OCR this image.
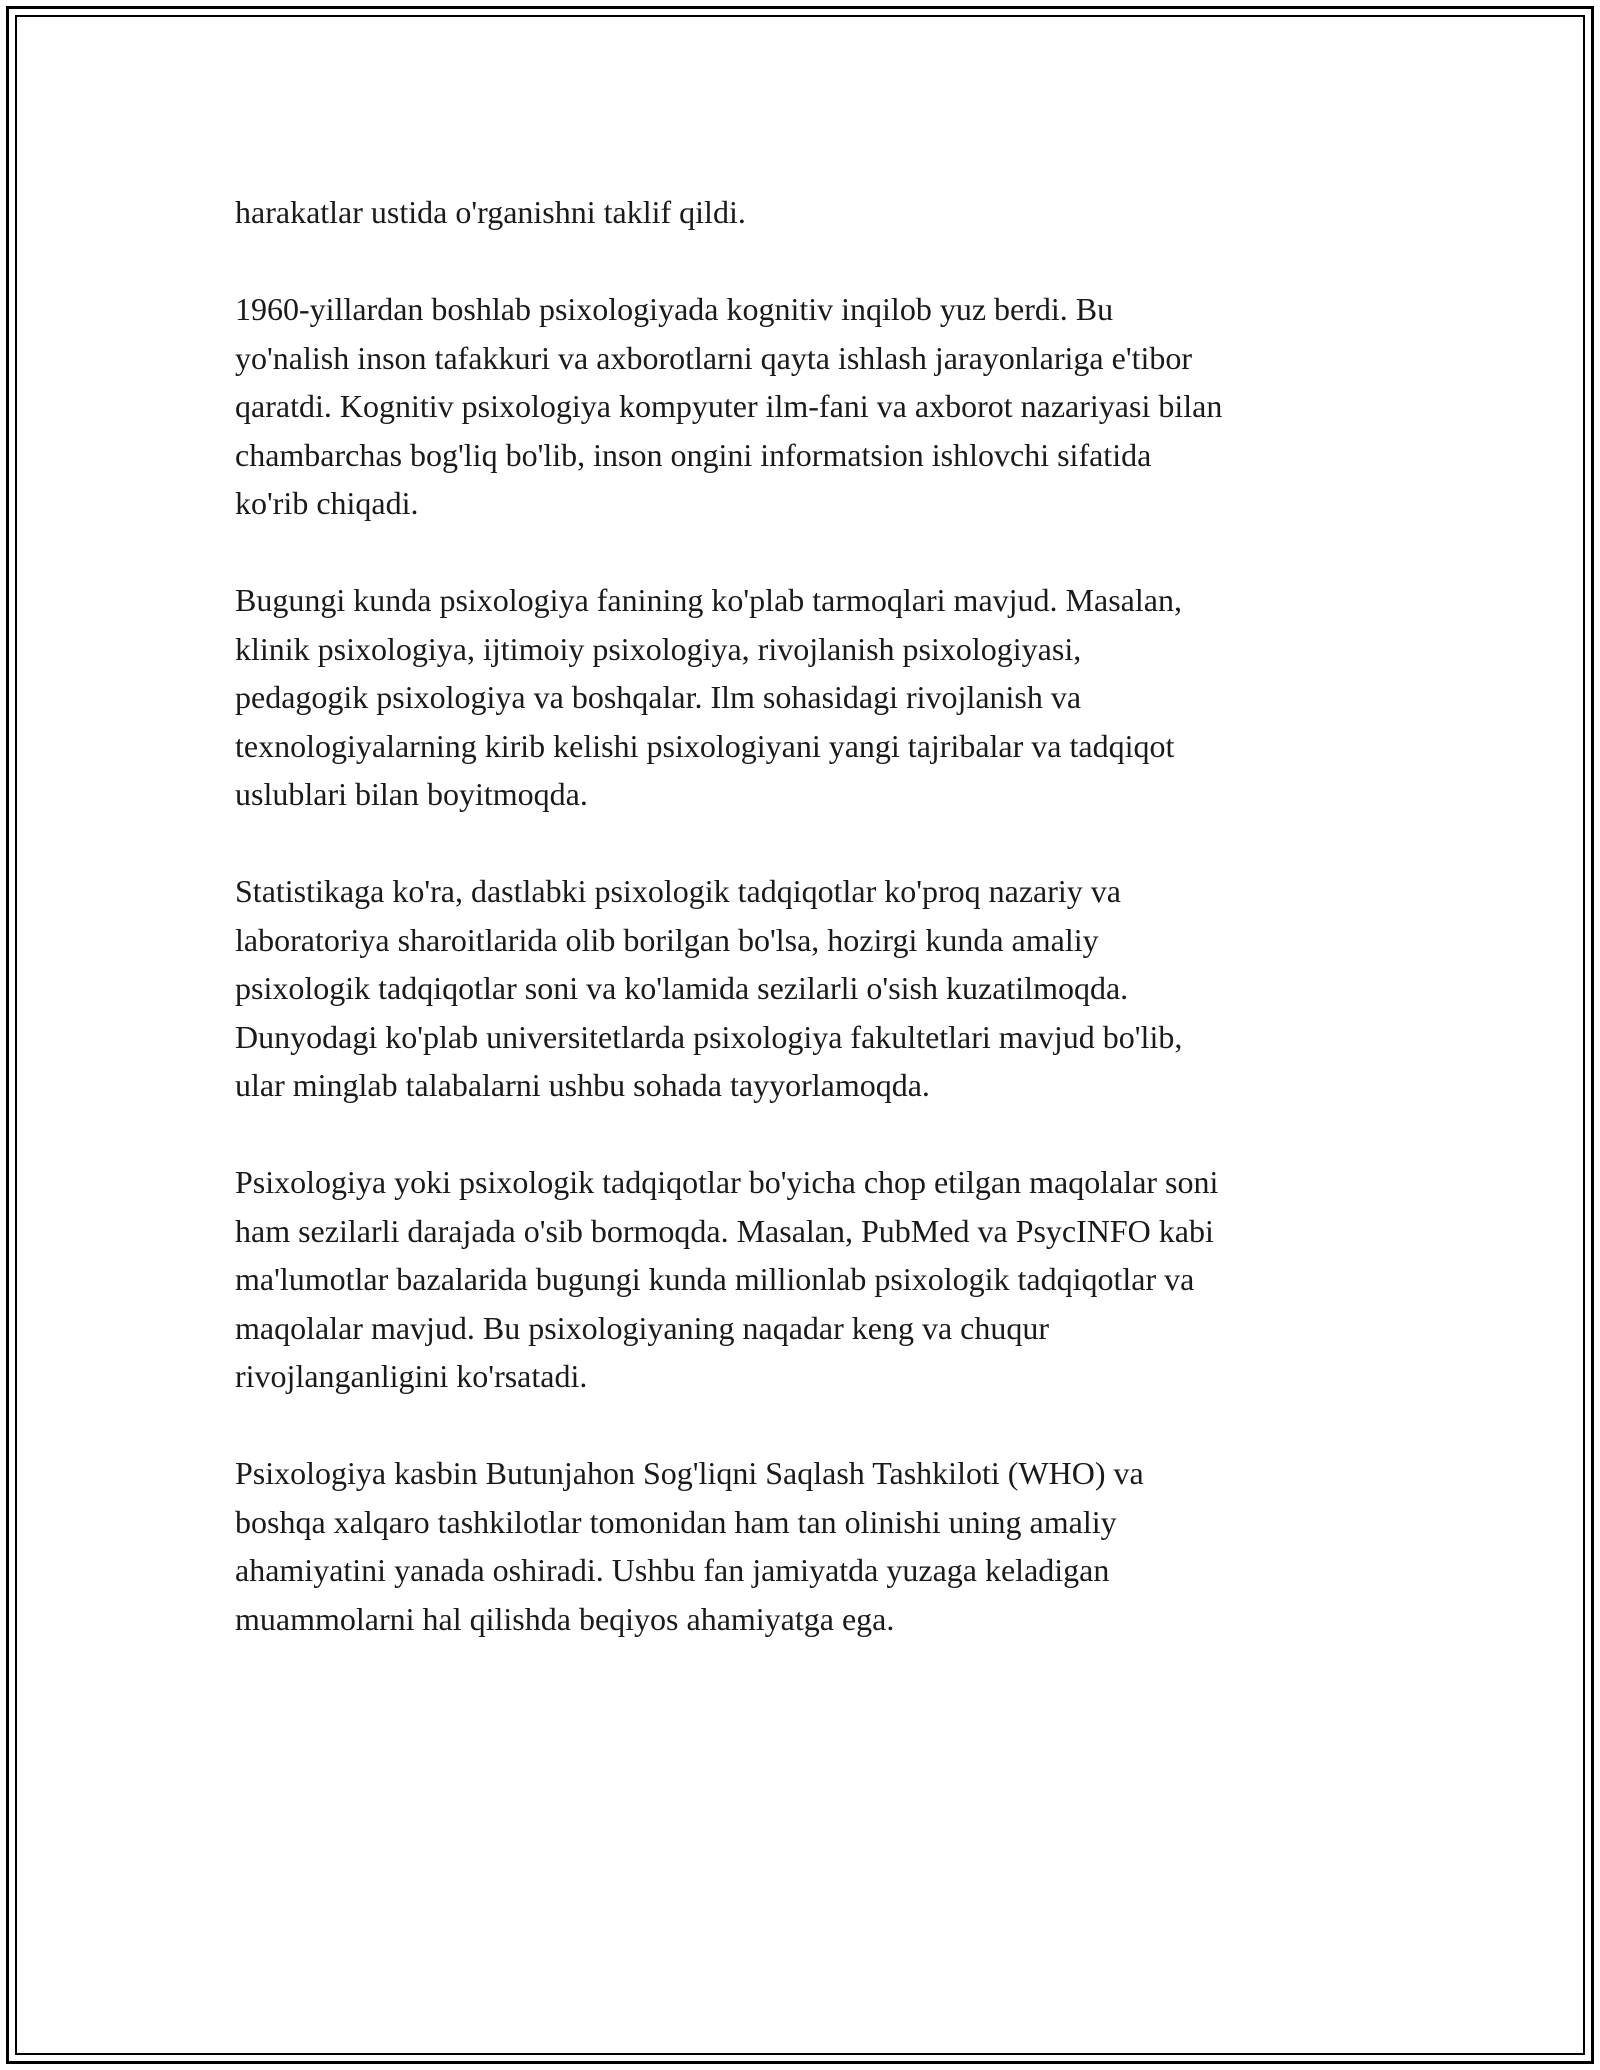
harakatlar ustida o'rganishni taklif qildi.

1960-yillardan boshlab psixologiyada kognitiv inqilob yuz berdi. Bu
yo'nalish inson tafakkuri va axborotlarni qayta ishlash jarayonlariga e'tibor
qaratdi. Kognitiv psixologiya kompyuter ilm-fani va axborot nazariyasi bilan
chambarchas bog'liq bo'lib, inson ongini informatsion ishlovchi sifatida
ko'rib chiqadi.

Bugungi kunda psixologiya fanining ko'plab tarmoqlari mavjud. Masalan,
klinik psixologiya, ijtimoiy psixologiya, rivojlanish psixologiyasi,
pedagogik psixologiya va boshqalar. Ilm sohasidagi rivojlanish va
texnologiyalarning kirib kelishi psixologiyani yangi tajribalar va tadqiqot
uslublari bilan boyitmoqda.

Statistikaga ko'ra, dastlabki psixologik tadqiqotlar ko'proq nazariy va
laboratoriya sharoitlarida olib borilgan bo'lsa, hozirgi kunda amaliy
psixologik tadqiqotlar soni va ko'lamida sezilarli o'sish kuzatilmoqda.
Dunyodagi ko'plab universitetlarda psixologiya fakultetlari mavjud bo'lib,
ular minglab talabalarni ushbu sohada tayyorlamoqda.

Psixologiya yoki psixologik tadqiqotlar bo'yicha chop etilgan maqolalar soni
ham sezilarli darajada o'sib bormoqda. Masalan, PubMed va PsycINFO kabi
ma'lumotlar bazalarida bugungi kunda millionlab psixologik tadqiqotlar va
maqolalar mavjud. Bu psixologiyaning naqadar keng va chuqur
rivojlanganligini ko'rsatadi.

Psixologiya kasbin Butunjahon Sog'liqni Saqlash Tashkiloti (WHO) va
boshqa xalqaro tashkilotlar tomonidan ham tan olinishi uning amaliy
ahamiyatini yanada oshiradi. Ushbu fan jamiyatda yuzaga keladigan
muammolarni hal qilishda beqiyos ahamiyatga ega.
